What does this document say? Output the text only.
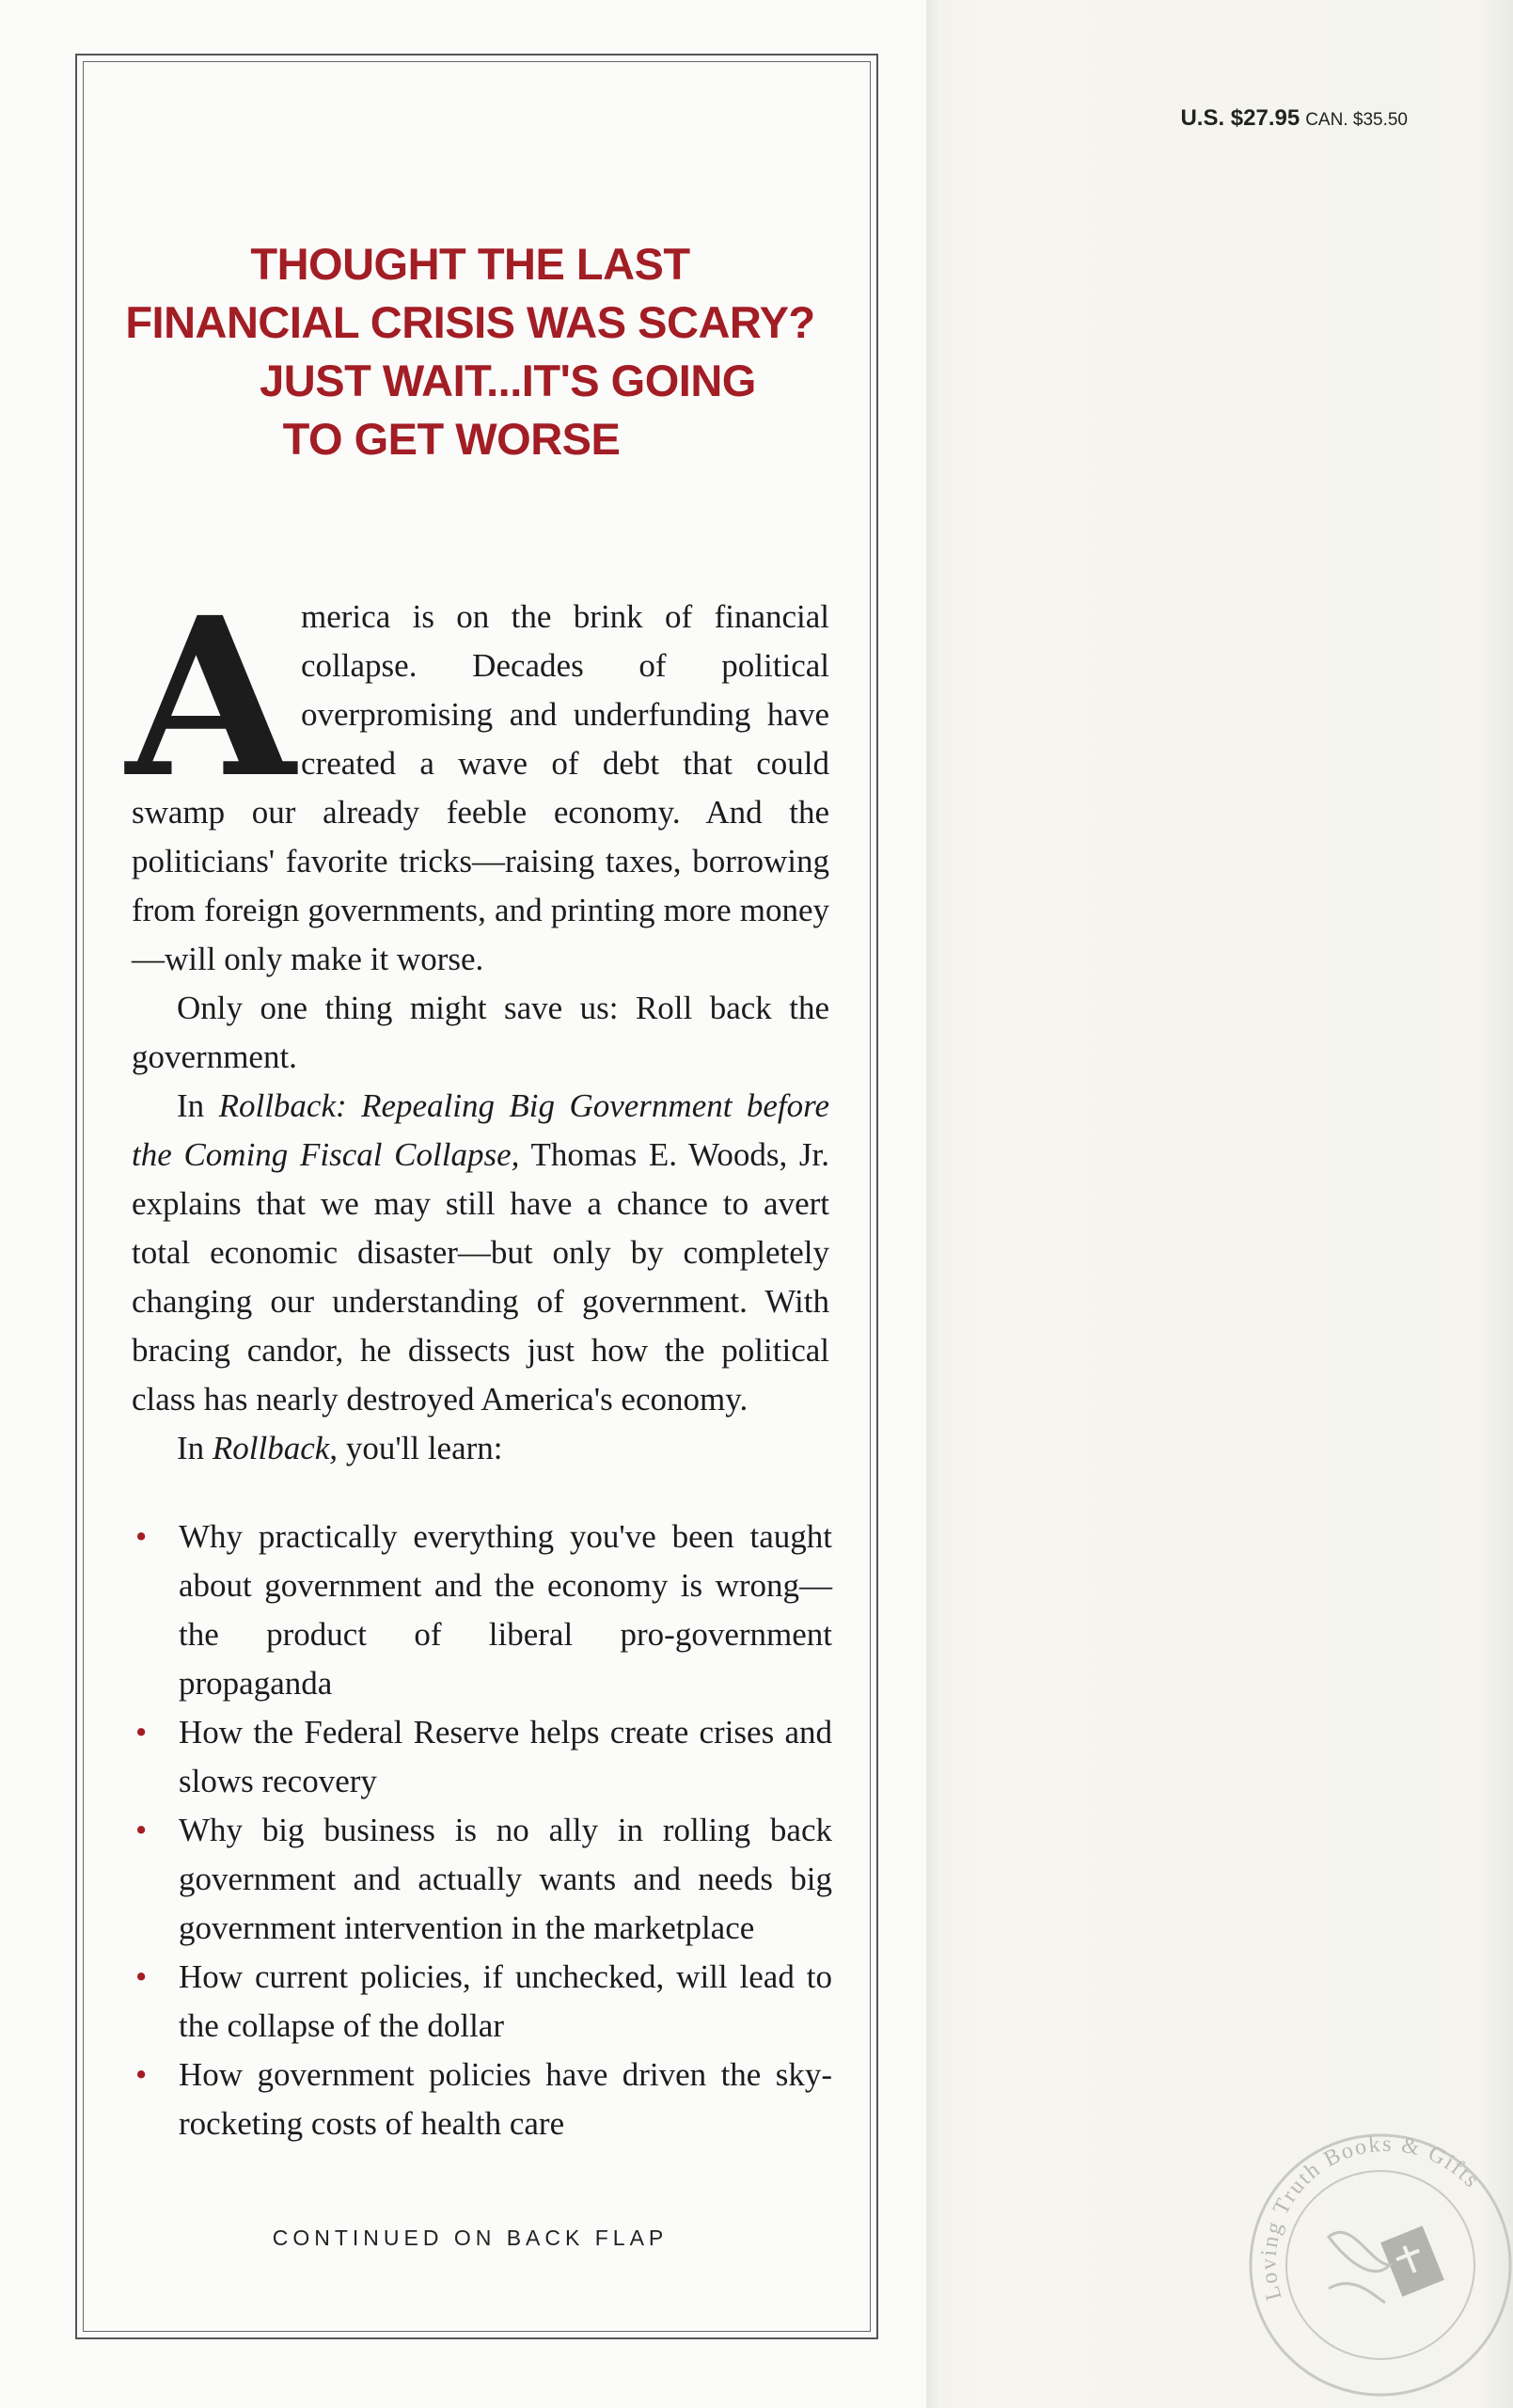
U.S. $27.95 CAN. $35.50
THOUGHT THE LAST
FINANCIAL CRISIS WAS SCARY?
JUST WAIT...IT'S GOING
TO GET WORSE

America is on the brink of financial collapse. Decades of political overpromising and underfunding have created a wave of debt that could swamp our already feeble economy. And the politicians' favorite tricks—raising taxes, borrowing from foreign governments, and printing more money—will only make it worse.

Only one thing might save us: Roll back the government.

In Rollback: Repealing Big Government before the Coming Fiscal Collapse, Thomas E. Woods, Jr. explains that we may still have a chance to avert total economic disaster—but only by completely changing our understanding of government. With bracing candor, he dissects just how the political class has nearly destroyed America's economy.

In Rollback, you'll learn:

• Why practically everything you've been taught about government and the economy is wrong—the product of liberal pro-government propaganda
• How the Federal Reserve helps create crises and slows recovery
• Why big business is no ally in rolling back government and actually wants and needs big government intervention in the marketplace
• How current policies, if unchecked, will lead to the collapse of the dollar
• How government policies have driven the sky-rocketing costs of health care
CONTINUED ON BACK FLAP
Loving Truth Books & Gifts
